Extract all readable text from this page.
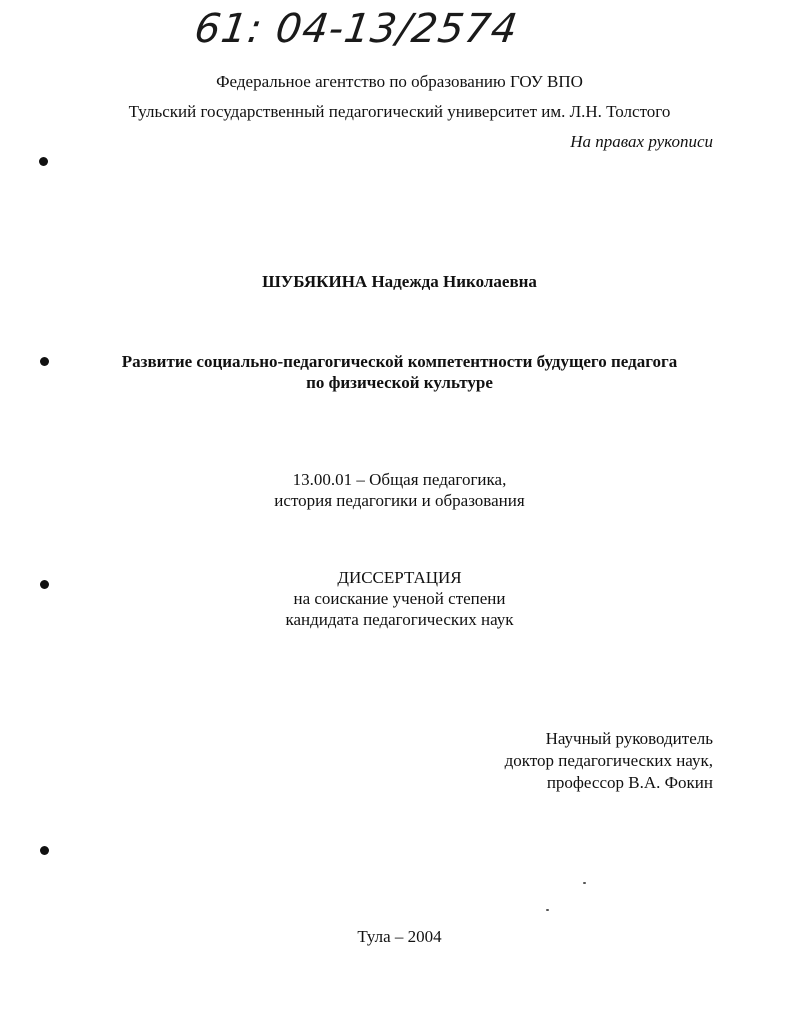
61: 04-13/2574
Федеральное агентство по образованию ГОУ ВПО
Тульский государственный педагогический университет им. Л.Н. Толстого
На правах рукописи
ШУБЯКИНА Надежда Николаевна
Развитие социально-педагогической компетентности будущего педагога
по физической культуре
13.00.01 – Общая педагогика,
история педагогики и образования
ДИССЕРТАЦИЯ
на соискание ученой степени
кандидата педагогических наук
Научный руководитель
доктор педагогических наук,
профессор В.А. Фокин
Тула – 2004
